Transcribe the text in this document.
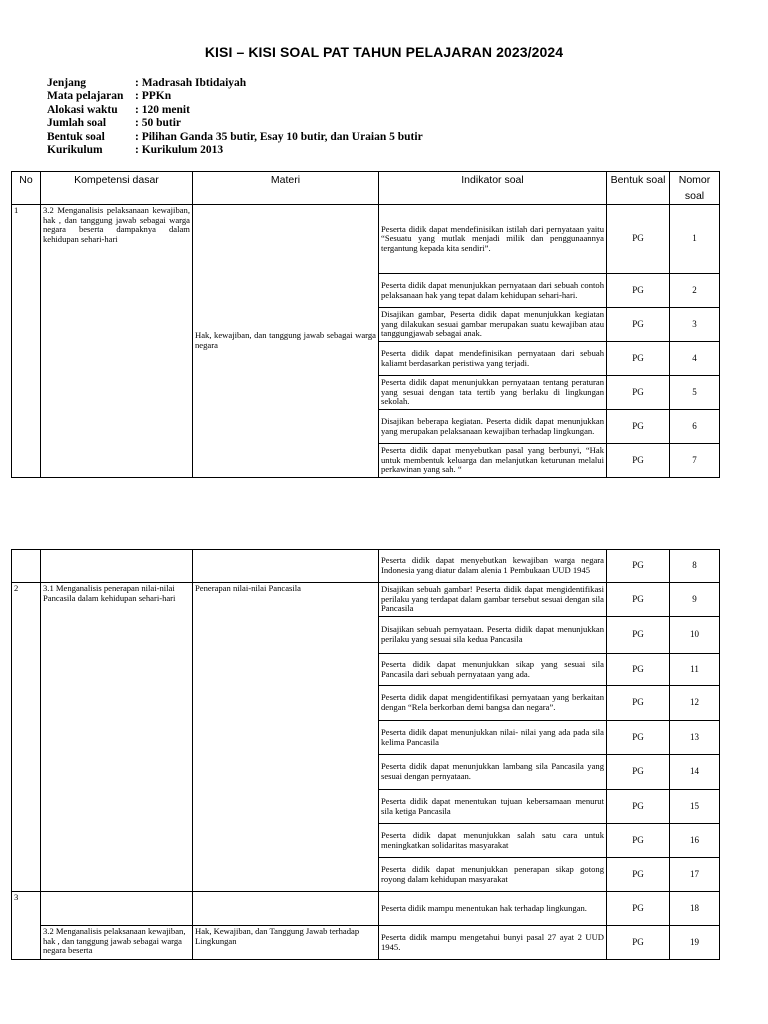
KISI – KISI SOAL PAT TAHUN PELAJARAN 2023/2024
Jenjang	: Madrasah Ibtidaiyah
Mata pelajaran	: PPKn
Alokasi waktu	: 120 menit
Jumlah soal	: 50 butir
Bentuk soal	: Pilihan Ganda 35 butir, Esay 10 butir, dan Uraian 5 butir
Kurikulum	: Kurikulum 2013
No	Kompetensi dasar	Materi	Indikator soal	Bentuk soal	Nomor
soal
1	3.2 Menganalisis pelaksanaan kewajiban, hak , dan tanggung jawab sebagai warga negara beserta dampaknya dalam kehidupan sehari-hari	Hak, kewajiban, dan tanggung jawab sebagai warga negara	Peserta didik dapat mendefinisikan istilah dari pernyataan yaitu “Sesuatu yang mutlak menjadi milik dan penggunaannya tergantung kepada kita sendiri”.	PG	1
			Peserta didik dapat menunjukkan pernyataan dari sebuah contoh pelaksanaan hak yang tepat dalam kehidupan sehari-hari.	PG	2
			Disajikan gambar, Peserta didik dapat menunjukkan kegiatan yang dilakukan sesuai gambar merupakan suatu kewajiban atau tanggungjawab sebagai anak.	PG	3
			Peserta didik dapat mendefinisikan pernyataan dari sebuah kaliamt berdasarkan peristiwa yang terjadi.	PG	4
			Peserta didik dapat menunjukkan pernyataan tentang peraturan yang sesuai dengan tata tertib yang berlaku di lingkungan sekolah.	PG	5
			Disajikan beberapa kegiatan. Peserta didik dapat menunjukkan yang merupakan pelaksanaan kewajiban terhadap lingkungan.	PG	6
			Peserta didik dapat menyebutkan pasal yang berbunyi, “Hak untuk membentuk keluarga dan melanjutkan keturunan melalui perkawinan yang sah. “	PG	7
			Peserta didik dapat menyebutkan kewajiban warga negara Indonesia yang diatur dalam alenia 1 Pembukaan UUD 1945	PG	8
2	3.1 Menganalisis penerapan nilai-nilai Pancasila dalam kehidupan sehari-hari	Penerapan nilai-nilai Pancasila	Disajikan sebuah gambar! Peserta didik dapat mengidentifikasi perilaku yang terdapat dalam gambar tersebut sesuai dengan sila Pancasila	PG	9
			Disajikan sebuah pernyataan. Peserta didik dapat menunjukkan perilaku yang sesuai sila kedua Pancasila	PG	10
			Peserta didik dapat menunjukkan sikap yang sesuai sila Pancasila dari sebuah pernyataan yang ada.	PG	11
			Peserta didik dapat mengidentifikasi pernyataan yang berkaitan dengan “Rela berkorban demi bangsa dan negara”.	PG	12
			Peserta didik dapat menunjukkan nilai- nilai yang ada pada sila kelima Pancasila	PG	13
			Peserta didik dapat menunjukkan lambang sila Pancasila yang sesuai dengan pernyataan.	PG	14
			Peserta didik dapat menentukan tujuan kebersamaan menurut sila ketiga Pancasila	PG	15
			Peserta didik dapat menunjukkan salah satu cara untuk meningkatkan solidaritas masyarakat	PG	16
			Peserta didik dapat menunjukkan penerapan sikap gotong royong dalam kehidupan masyarakat	PG	17
3			Peserta didik mampu menentukan hak terhadap lingkungan.	PG	18
	3.2 Menganalisis pelaksanaan kewajiban, hak , dan tanggung jawab sebagai warga negara beserta	Hak, Kewajiban, dan Tanggung Jawab terhadap Lingkungan	Peserta didik mampu mengetahui bunyi pasal 27 ayat 2 UUD 1945.	PG	19
